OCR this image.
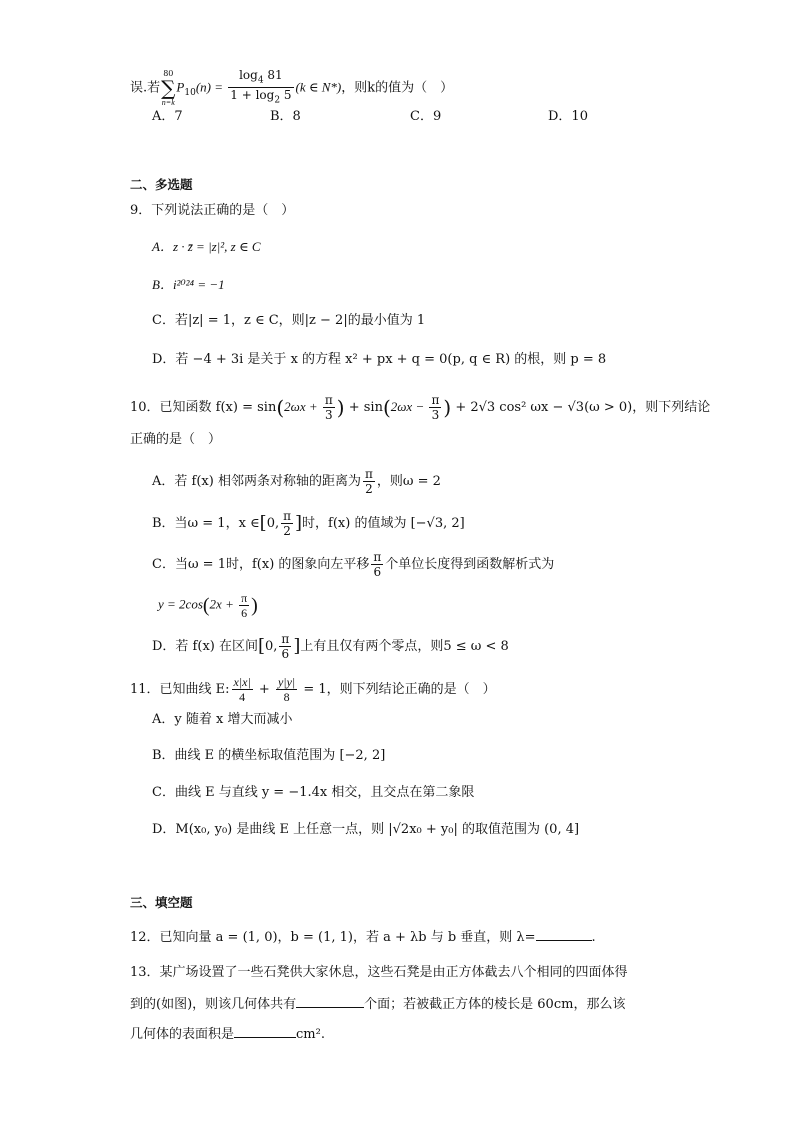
误.若
80
∑
n=k
$P_{10}(n) = \frac{\log_4 81}{1 + \log_2 5} (k$ ∈ N*)，则k的值为（　）
A．7	B．8	C．9	D．10
二、多选题
9．下列说法正确的是（　）
A．z · z̄ = |z|², z ∈ C
B．i²⁰²⁴ = −1
C．若|z| = 1，z ∈ C，则|z − 2|的最小值为 1
D．若 −4 + 3i 是关于 x 的方程 x² + px + q = 0(p, q ∈ R) 的根，则 p = 8
10．已知函数 $f(x) = \sin(2\omega x + \frac{\pi}{3}$ ) + $\sin(2\omega x - \frac{\pi}{3}$ ) + 2√3 cos² ωx − √3(ω > 0)，则下列结论
正确的是（　）
A．若 f(x) 相邻两条对称轴的距离为 $\frac{\pi}{2}$ ，则ω = 2
B．当ω = 1，x ∈[0, $\frac{\pi}{2}$ ]时，f(x) 的值域为 [−√3, 2]
C．当ω = 1时，f(x) 的图象向左平移 $\frac{\pi}{6}$ 个单位长度得到函数解析式为
$y = 2\cos(2x + \frac{\pi}{6}$ )
D．若 f(x) 在区间[0, $\frac{\pi}{6}$ ]上有且仅有两个零点，则5 ≤ ω < 8
11．已知曲线 E: $\frac{x|x|}{4} + \frac{y|y|}{8} = 1$，则下列结论正确的是（　）
A．y 随着 x 增大而减小
B．曲线 E 的横坐标取值范围为 [−2, 2]
C．曲线 E 与直线 y = −1.4x 相交，且交点在第二象限
D．M(x₀, y₀) 是曲线 E 上任意一点，则 |√2x₀ + y₀| 的取值范围为 (0, 4]
三、填空题
12．已知向量 a = (1, 0)，b = (1, 1)，若 a + λb 与 b 垂直，则 λ=	.
13．某广场设置了一些石凳供大家休息，这些石凳是由正方体截去八个相同的四面体得
到的(如图)，则该几何体共有	个面；若被截正方体的棱长是 60cm，那么该
几何体的表面积是	cm².
